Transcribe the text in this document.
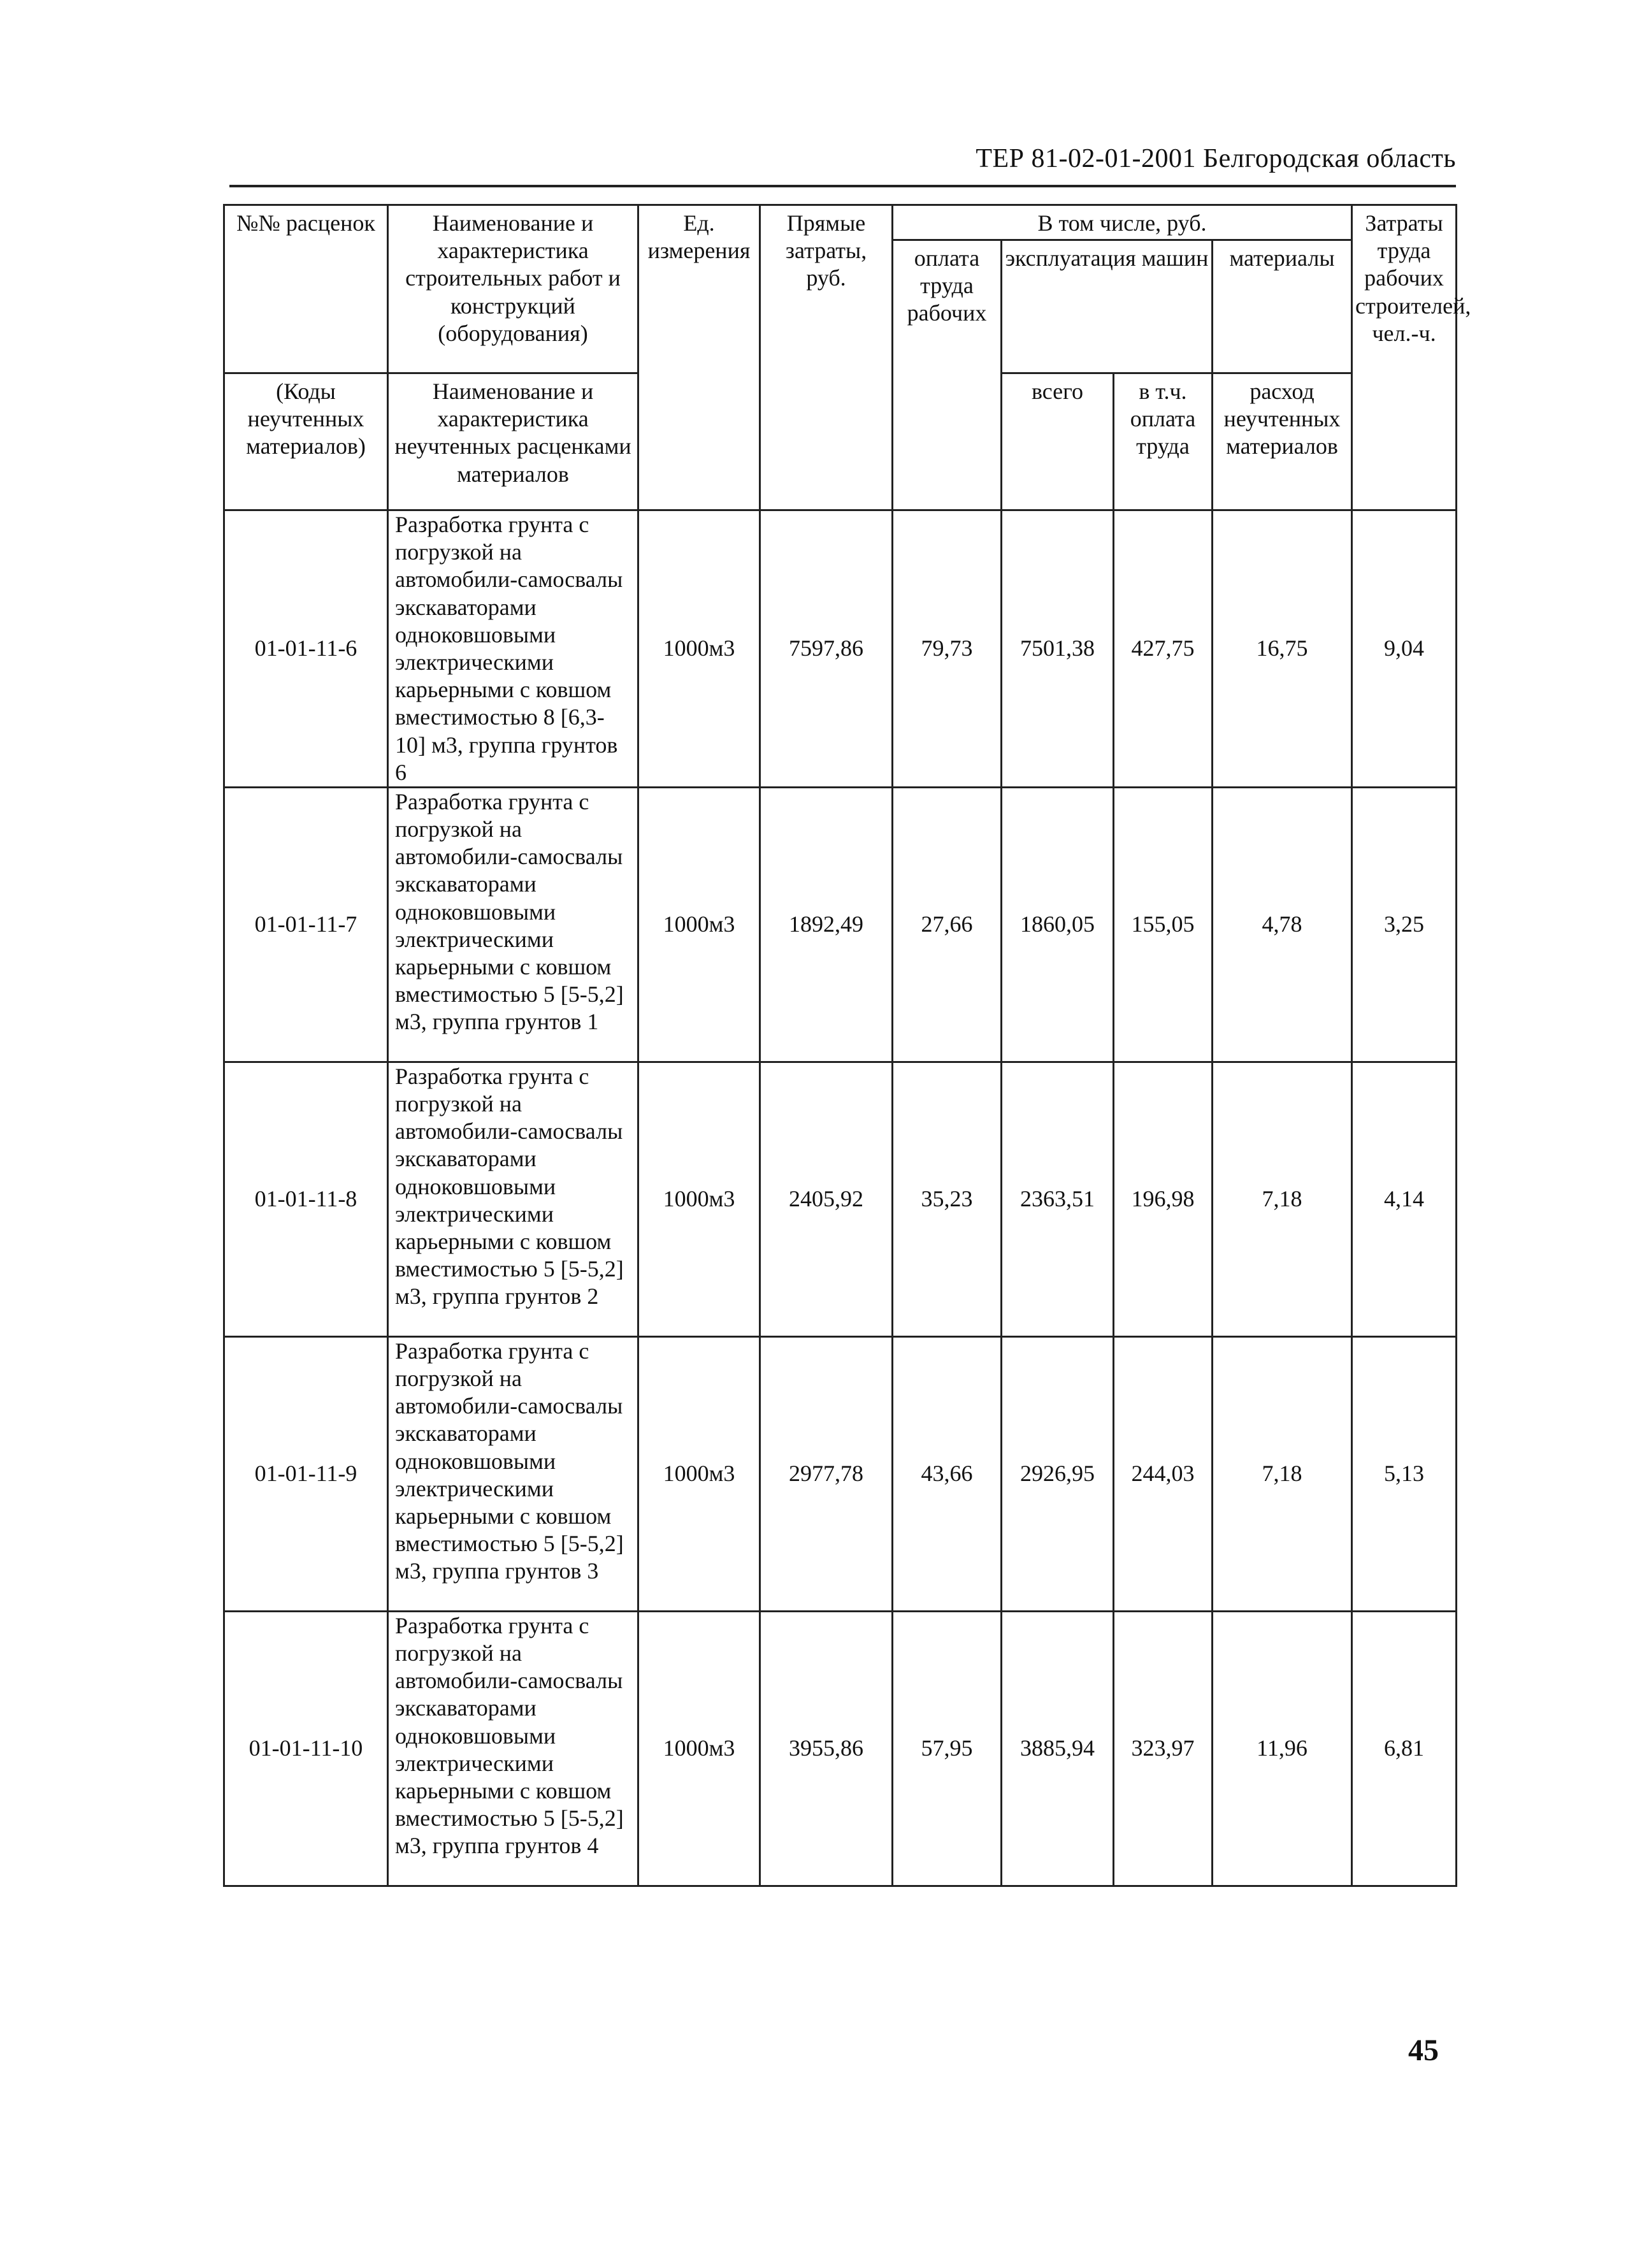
ТЕР 81-02-01-2001 Белгородская область
№№ расценок	Наименование и характеристика строительных работ и конструкций (оборудования)	Ед. измерения	Прямые затраты, руб.	В том числе, руб.				Затраты труда рабочих строителей, чел.-ч.
				оплата труда рабочих	эксплуатация машин		материалы	
(Коды неучтенных материалов)	Наименование и характеристика неучтенных расценками материалов				всего	в т.ч. оплата труда	расход неучтенных материалов	
01-01-11-6	Разработка грунта с погрузкой на автомобили-самосвалы экскаваторами одноковшовыми электрическими карьерными с ковшом вместимостью 8 [6,3-10] м3, группа грунтов 6	1000м3	7597,86	79,73	7501,38	427,75	16,75	9,04
01-01-11-7	Разработка грунта с погрузкой на автомобили-самосвалы экскаваторами одноковшовыми электрическими карьерными с ковшом вместимостью 5 [5-5,2] м3, группа грунтов 1	1000м3	1892,49	27,66	1860,05	155,05	4,78	3,25
01-01-11-8	Разработка грунта с погрузкой на автомобили-самосвалы экскаваторами одноковшовыми электрическими карьерными с ковшом вместимостью 5 [5-5,2] м3, группа грунтов 2	1000м3	2405,92	35,23	2363,51	196,98	7,18	4,14
01-01-11-9	Разработка грунта с погрузкой на автомобили-самосвалы экскаваторами одноковшовыми электрическими карьерными с ковшом вместимостью 5 [5-5,2] м3, группа грунтов 3	1000м3	2977,78	43,66	2926,95	244,03	7,18	5,13
01-01-11-10	Разработка грунта с погрузкой на автомобили-самосвалы экскаваторами одноковшовыми электрическими карьерными с ковшом вместимостью 5 [5-5,2] м3, группа грунтов 4	1000м3	3955,86	57,95	3885,94	323,97	11,96	6,81
45
